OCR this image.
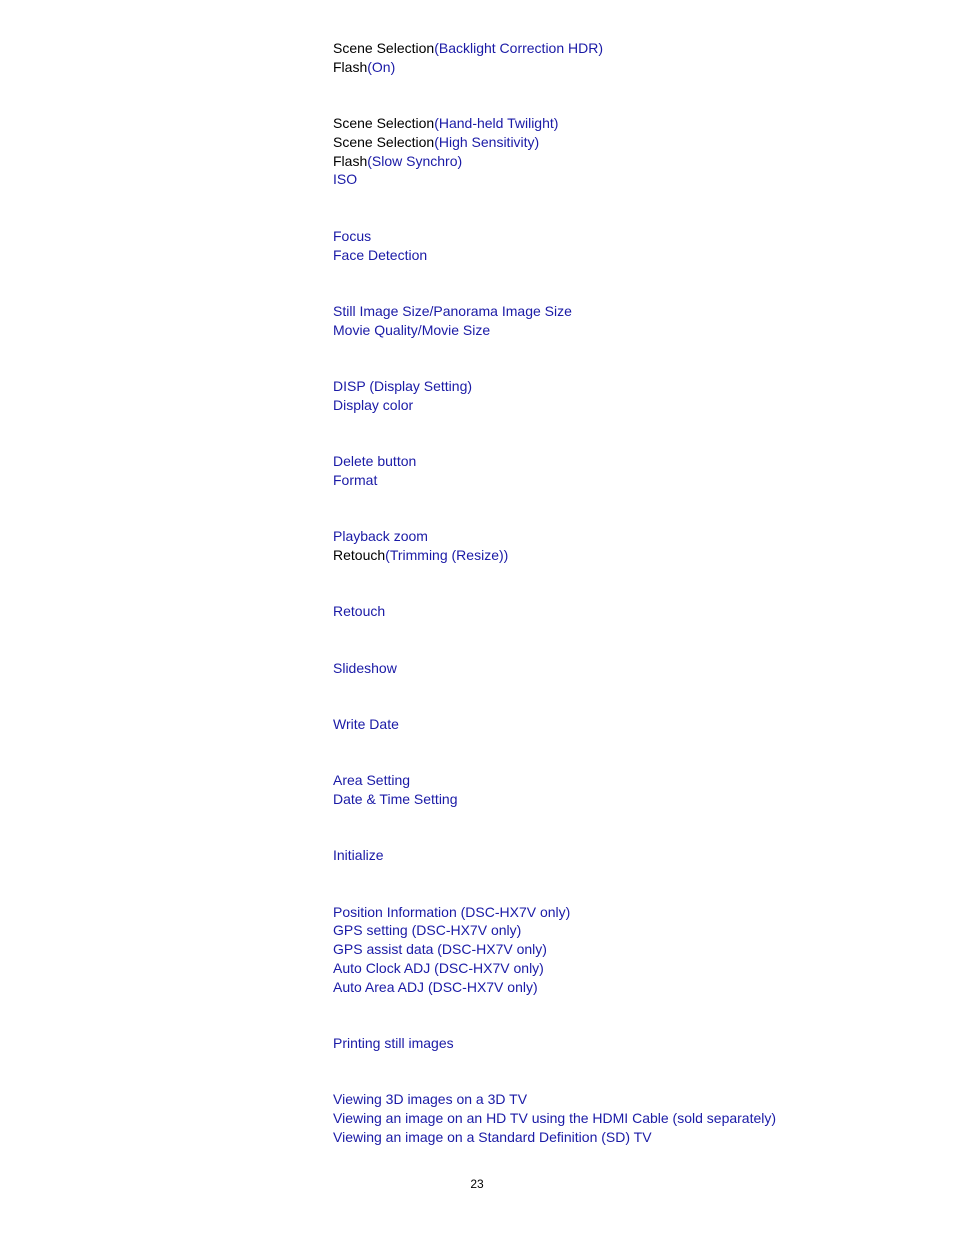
Scene Selection(Backlight Correction HDR)
Flash(On)
Scene Selection(Hand-held Twilight)
Scene Selection(High Sensitivity)
Flash(Slow Synchro)
ISO
Focus
Face Detection
Still Image Size/Panorama Image Size
Movie Quality/Movie Size
DISP (Display Setting)
Display color
Delete button
Format
Playback zoom
Retouch(Trimming (Resize))
Retouch
Slideshow
Write Date
Area Setting
Date & Time Setting
Initialize
Position Information (DSC-HX7V only)
GPS setting (DSC-HX7V only)
GPS assist data (DSC-HX7V only)
Auto Clock ADJ (DSC-HX7V only)
Auto Area ADJ (DSC-HX7V only)
Printing still images
Viewing 3D images on a 3D TV
Viewing an image on an HD TV using the HDMI Cable (sold separately)
Viewing an image on a Standard Definition (SD) TV
23
